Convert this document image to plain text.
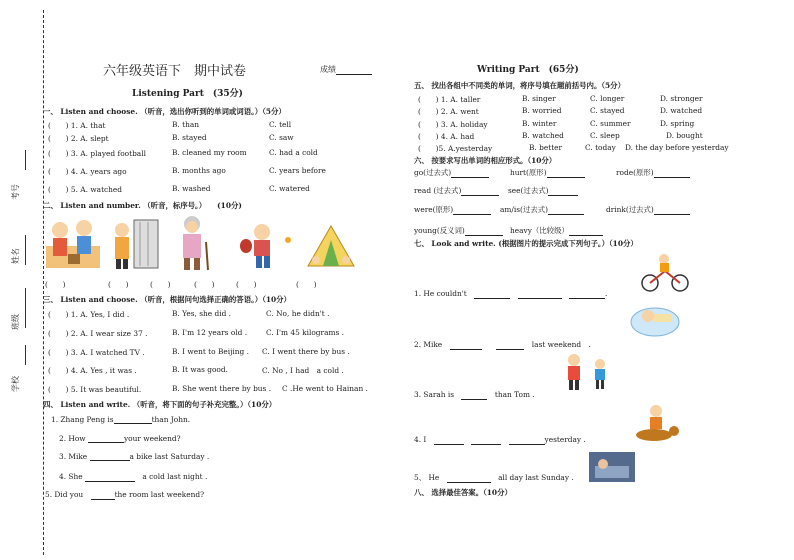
考号
姓名
班级
学校
六年级英语下　期中试卷	成绩
Listening Part　(35分)
一、 Listen and choose. （听音，选出你听到的单词或词语。）（5分）
(　　) 1. A. that	B. than	C. tell
(　　) 2. A. slept	B. stayed	C. saw
(　　) 3. A. played football	B. cleaned my room	C. had a cold
(　　) 4. A. years ago	B. months ago	C. years before
(　　) 5. A. watched	B. washed	C. watered
二、 Listen and number. （听音，标序号。）　　(10分)
(　　)	(　　)	(　　)	(　　)	(　　)	(　　)
三、 Listen and choose. （听音，根据问句选择正确的答语。）（10分）
(　　) 1. A. Yes, I did .	B. Yes, she did .	C. No, he didn't .
(　　) 2. A. I wear size 37 .	B. I'm 12 years old .	C. I'm 45 kilograms .
(　　) 3. A. I watched TV .	B. I went to Beijing . C. I went there by bus .
(　　) 4. A. Yes , it was .	B. It was good.	C. No , I had　a cold .
(　　) 5. It was beautiful.	B. She went there by bus . C .He went to Hainan .
四、 Listen and write. （听音，将下面的句子补充完整。）（10分）
1. Zhang Peng is	than John.
2. How	your weekend?
3. Mike	a bike last Saturday .
4. She 　	a cold last night .
5. Did you　	the room last weekend?
Writing Part　(65分)
五、 找出各组中不同类的单词，将序号填在题前括号内。（5分）
(　　) 1. A. taller	B. singer	C. longer	D. stronger
(　　) 2. A. went	B. worried	C. stayed	D. watched
(　　) 3. A. holiday	B. winter	C. summer	D. spring
(　　) 4. A. had	B. watched	C. sleep	D. bought
(　　)5. A.yesterday	B. better	C. today D. the day before yesterday
六、 按要求写出单词的相应形式。（10分）
go(过去式)	hurt(原形)	rode(原形)
read (过去式)	see(过去式)
were(原形)	am/is(过去式)	drink(过去式)
young(反义词)	heavy（比较级）
七、 Look and write. (根据图片的提示完成下列句子。）（10分）
1. He couldn't　　　	.
2. Mike　　　　	last weekend　 .
3. Sarah is　　	than Tom .
4. I　　　	yesterday .
5、 He　　	all day last Sunday .
八、 选择最佳答案。（10分）
